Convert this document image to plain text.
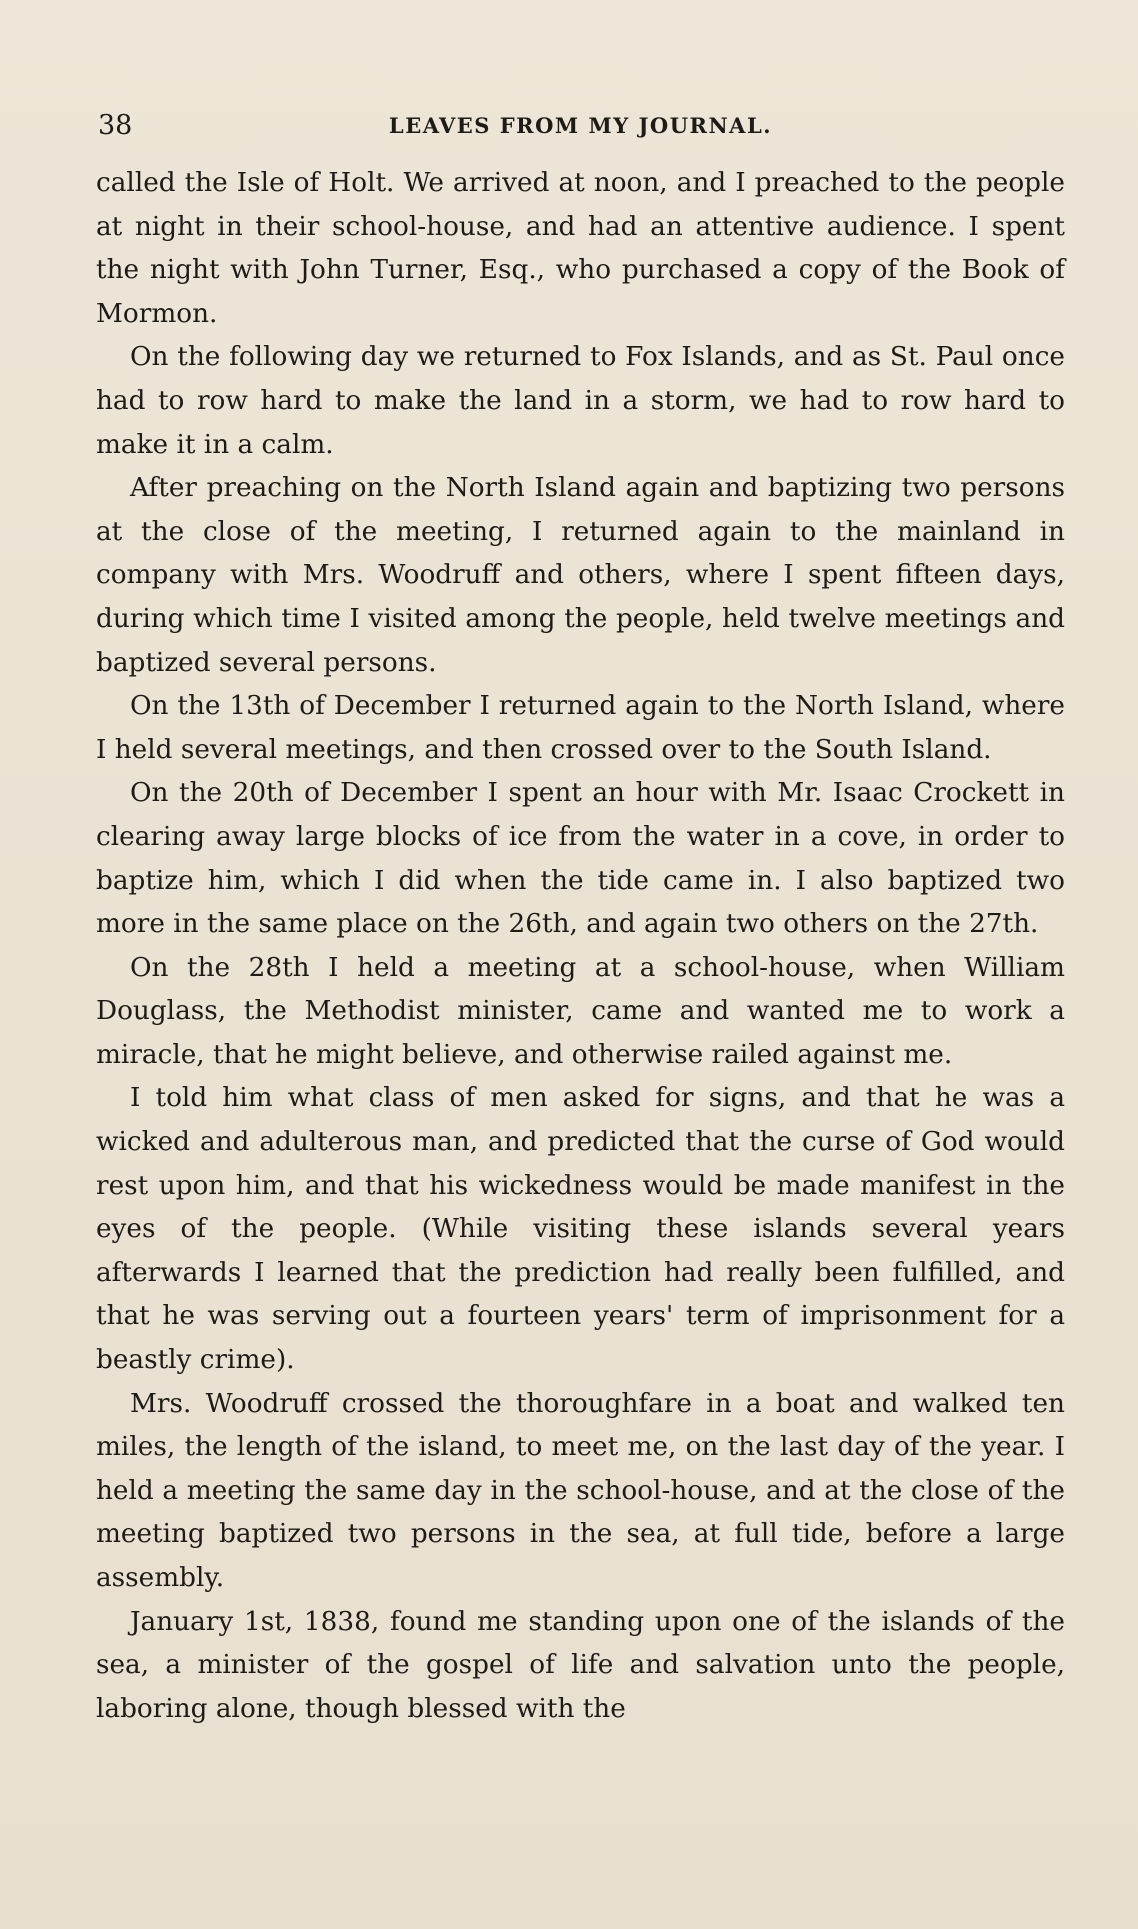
38	LEAVES FROM MY JOURNAL.

called the Isle of Holt. We arrived at noon, and I preached to the people at night in their school-house, and had an attentive audience. I spent the night with John Turner, Esq., who purchased a copy of the Book of Mormon.

On the following day we returned to Fox Islands, and as St. Paul once had to row hard to make the land in a storm, we had to row hard to make it in a calm.

After preaching on the North Island again and baptizing two persons at the close of the meeting, I returned again to the mainland in company with Mrs. Woodruff and others, where I spent fifteen days, during which time I visited among the people, held twelve meetings and baptized several persons.

On the 13th of December I returned again to the North Island, where I held several meetings, and then crossed over to the South Island.

On the 20th of December I spent an hour with Mr. Isaac Crockett in clearing away large blocks of ice from the water in a cove, in order to baptize him, which I did when the tide came in. I also baptized two more in the same place on the 26th, and again two others on the 27th.

On the 28th I held a meeting at a school-house, when William Douglass, the Methodist minister, came and wanted me to work a miracle, that he might believe, and otherwise railed against me.

I told him what class of men asked for signs, and that he was a wicked and adulterous man, and predicted that the curse of God would rest upon him, and that his wickedness would be made manifest in the eyes of the people. (While visiting these islands several years afterwards I learned that the prediction had really been fulfilled, and that he was serving out a fourteen years' term of imprisonment for a beastly crime).

Mrs. Woodruff crossed the thoroughfare in a boat and walked ten miles, the length of the island, to meet me, on the last day of the year. I held a meeting the same day in the school-house, and at the close of the meeting baptized two persons in the sea, at full tide, before a large assembly.

January 1st, 1838, found me standing upon one of the islands of the sea, a minister of the gospel of life and salvation unto the people, laboring alone, though blessed with the
